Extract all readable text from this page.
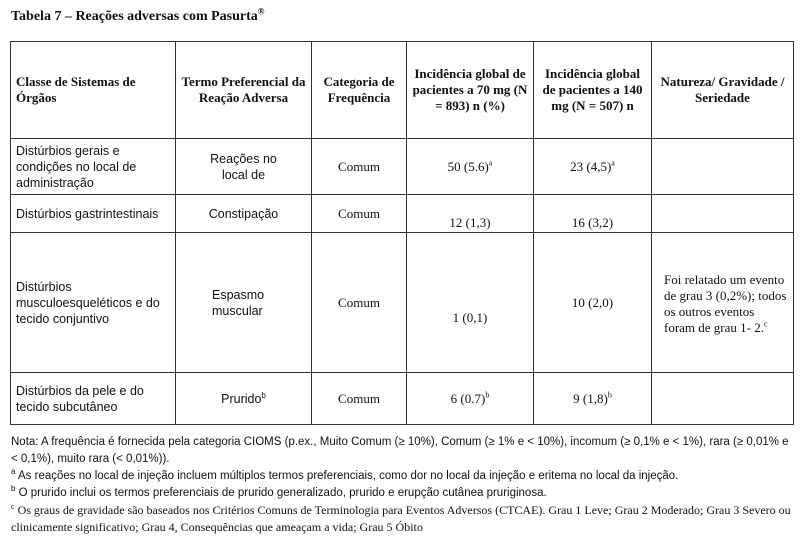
Tabela 7 – Reações adversas com Pasurta®
Classe de Sistemas de Órgãos	Termo Preferencial da Reação Adversa	Categoria de Frequência	Incidência global de pacientes a 70 mg (N = 893) n (%)	Incidência global de pacientes a 140 mg (N = 507) n	Natureza/ Gravidade / Seriedade
Distúrbios gerais e condições no local de administração	Reações no local de	Comum	50 $(5.6)^a$	23 $(4,5)^a$	
Distúrbios gastrintestinais	Constipação	Comum	12 (1,3)	16 (3,2)	
Distúrbios musculoesqueléticos e do tecido conjuntivo	Espasmo muscular	Comum	1 (0,1)	10 (2,0)	Foi relatado um evento de grau 3 (0,2%); todos os outros eventos foram de grau 1- 2.$^c$
Distúrbios da pele e do tecido subcutâneo	Prurido$^b$	Comum	6 $(0.7)^b$	9 $(1,8)^b$	

Nota: A frequência é fornecida pela categoria CIOMS (p.ex., Muito Comum (≥ 10%), Comum (≥ 1% e < 10%), incomum (≥ 0,1% e < 1%), rara (≥ 0,01% e < 0,1%), muito rara (< 0,01%)).

$^a$ As reações no local de injeção incluem múltiplos termos preferenciais, como dor no local da injeção e eritema no local da injeção.

$^b$ O prurido inclui os termos preferenciais de prurido generalizado, prurido e erupção cutânea pruriginosa.

$^c$ Os graus de gravidade são baseados nos Critérios Comuns de Terminologia para Eventos Adversos (CTCAE). Grau 1 Leve; Grau 2 Moderado; Grau 3 Severo ou clinicamente significativo; Grau 4, Consequências que ameaçam a vida; Grau 5 Óbito
